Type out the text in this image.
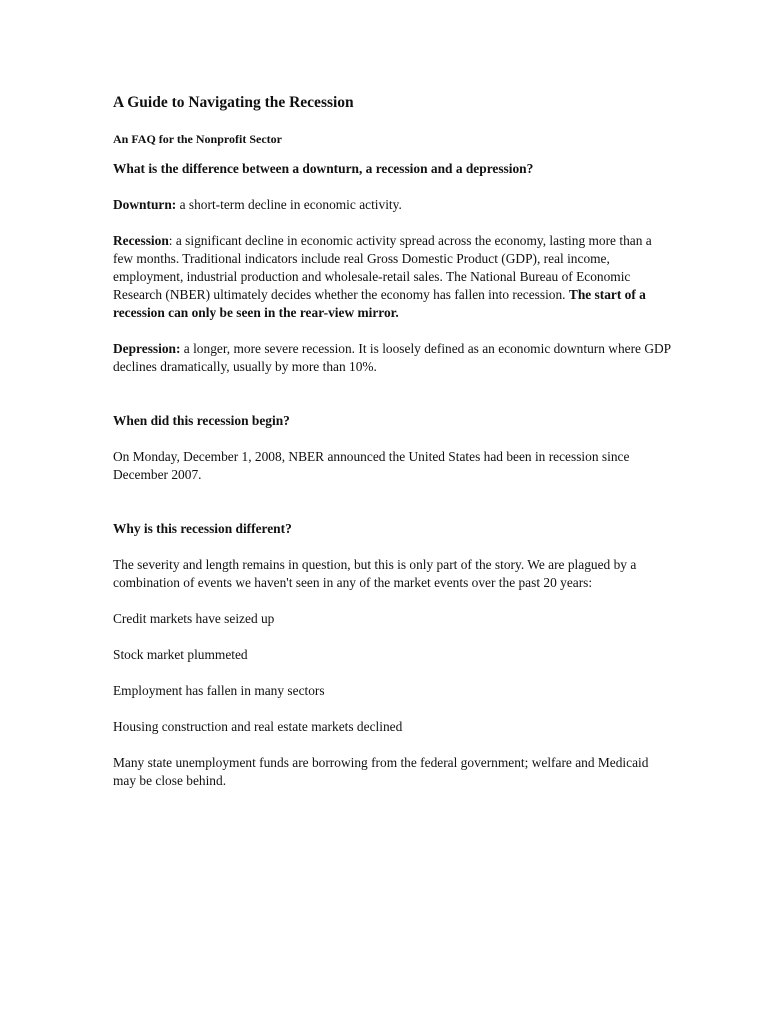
A Guide to Navigating the Recession
An FAQ for the Nonprofit Sector

What is the difference between a downturn, a recession and a depression?

Downturn: a short-term decline in economic activity.

Recession: a significant decline in economic activity spread across the economy, lasting more than a few months. Traditional indicators include real Gross Domestic Product (GDP), real income, employment, industrial production and wholesale-retail sales. The National Bureau of Economic Research (NBER) ultimately decides whether the economy has fallen into recession. The start of a recession can only be seen in the rear-view mirror.

Depression: a longer, more severe recession. It is loosely defined as an economic downturn where GDP declines dramatically, usually by more than 10%.

When did this recession begin?

On Monday, December 1, 2008, NBER announced the United States had been in recession since December 2007.

Why is this recession different?

The severity and length remains in question, but this is only part of the story. We are plagued by a combination of events we haven't seen in any of the market events over the past 20 years:

Credit markets have seized up

Stock market plummeted

Employment has fallen in many sectors

Housing construction and real estate markets declined

Many state unemployment funds are borrowing from the federal government; welfare and Medicaid may be close behind.
